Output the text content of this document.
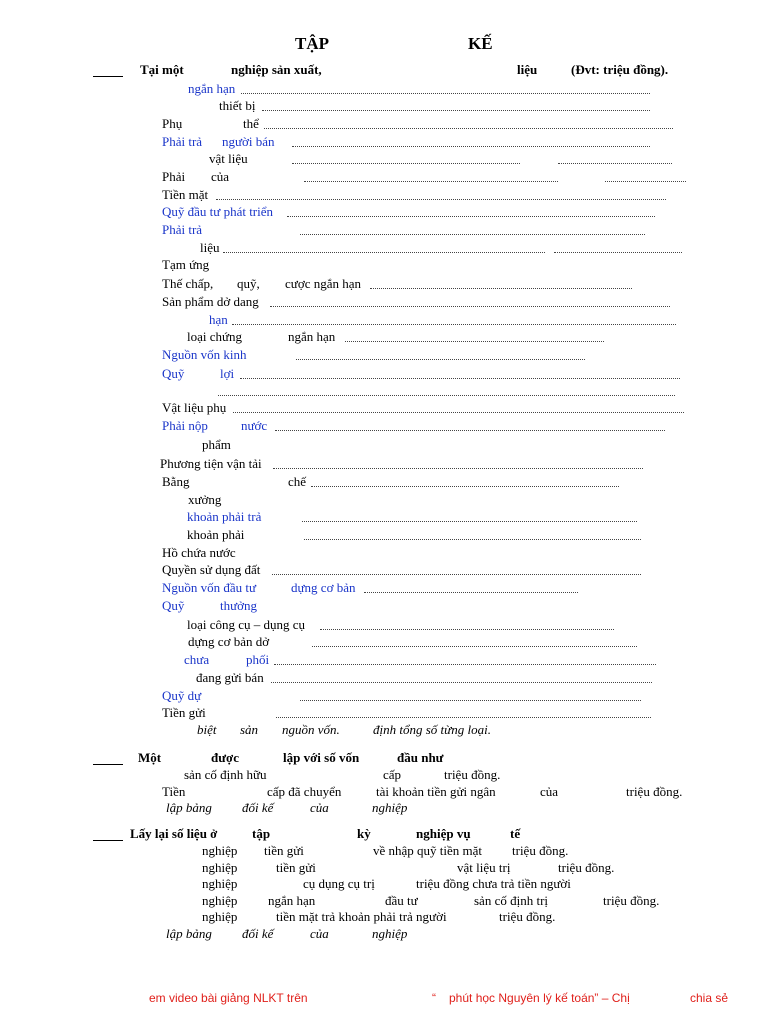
TẬP	KẾ
Tại một	nghiệp sản xuất,	liệu	(Đvt: triệu đồng).
ngắn hạn
thiết bị
Phụ	thể
Phải trả người bán
vật liệu
Phải của
Tiền mặt
Quỹ đầu tư phát triển
Phải trả
liệu
Tạm ứng
Thế chấp, quỹ, cược ngắn hạn
Sản phẩm dở dang
hạn
loại chứng	ngắn hạn
Nguồn vốn kinh
Quỹ	lợi
Vật liệu phụ
Phải nộp	nước
phẩm
Phương tiện vận tải
Bằng	chế
xưởng
khoản phải trả
khoản phải
Hồ chứa nước
Quyền sử dụng đất
Nguồn vốn đầu tư	dựng cơ bản
Quỹ	thưởng
loại công cụ – dụng cụ
dựng cơ bản dở
chưa	phối
đang gửi bán
Quỹ dự
Tiền gửi
biệt sản nguồn vốn.	định tổng số từng loại.
Một	được	lập với số vốn	đầu như
sản cố định hữu	cấp	triệu đồng.
Tiền	cấp đã chuyển	tài khoản tiền gửi ngân	của	triệu đồng.
lập bảng đối kế	của	nghiệp
Lấy lại số liệu ở	tập	kỳ	nghiệp vụ	tế
nghiệp tiền gửi	về nhập quỹ tiền mặt triệu đồng.
nghiệp	tiền gửi	vật liệu trị	triệu đồng.
nghiệp	cụ dụng cụ trị	triệu đồng chưa trả tiền người
nghiệp ngắn hạn	đầu tư	sản cố định trị	triệu đồng.
nghiệp	tiền mặt trả khoản phải trả người	triệu đồng.
lập bảng đối kế	của	nghiệp
em video bài giảng NLKT trên	“ phút học Nguyên lý kế toán” – Chị	chia sẻ
